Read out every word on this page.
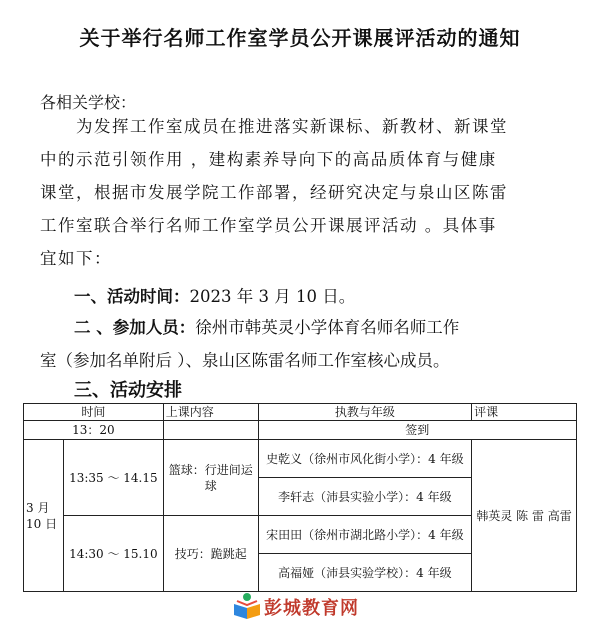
关于举行名师工作室学员公开课展评活动的通知
各相关学校：
为发挥工作室成员在推进落实新课标、新教材、新课堂
中的示范引领作用 ，建构素养导向下的高品质体育与健康
课堂，根据市发展学院工作部署，经研究决定与泉山区陈雷
工作室联合举行名师工作室学员公开课展评活动 。具体事
宜如下：
一、活动时间：2023 年 3 月 10 日。
二 、参加人员：徐州市韩英灵小学体育名师名师工作
室（参加名单附后 ）、泉山区陈雷名师工作室核心成员。
三、活动安排
时间		上课内容	执教与年级	评课
13：20			签到	
3 月 10 日	13:35 ～ 14.15	篮球：行进间运球	史乾义（徐州市风化街小学）：4 年级	韩英灵 陈 雷 高雷
			李轩志（沛县实验小学）：4 年级	
	14:30 ～ 15.10	技巧：跪跳起	宋田田（徐州市湖北路小学）：4 年级	
			高福娅（沛县实验学校）：4 年级	
彭城教育网
